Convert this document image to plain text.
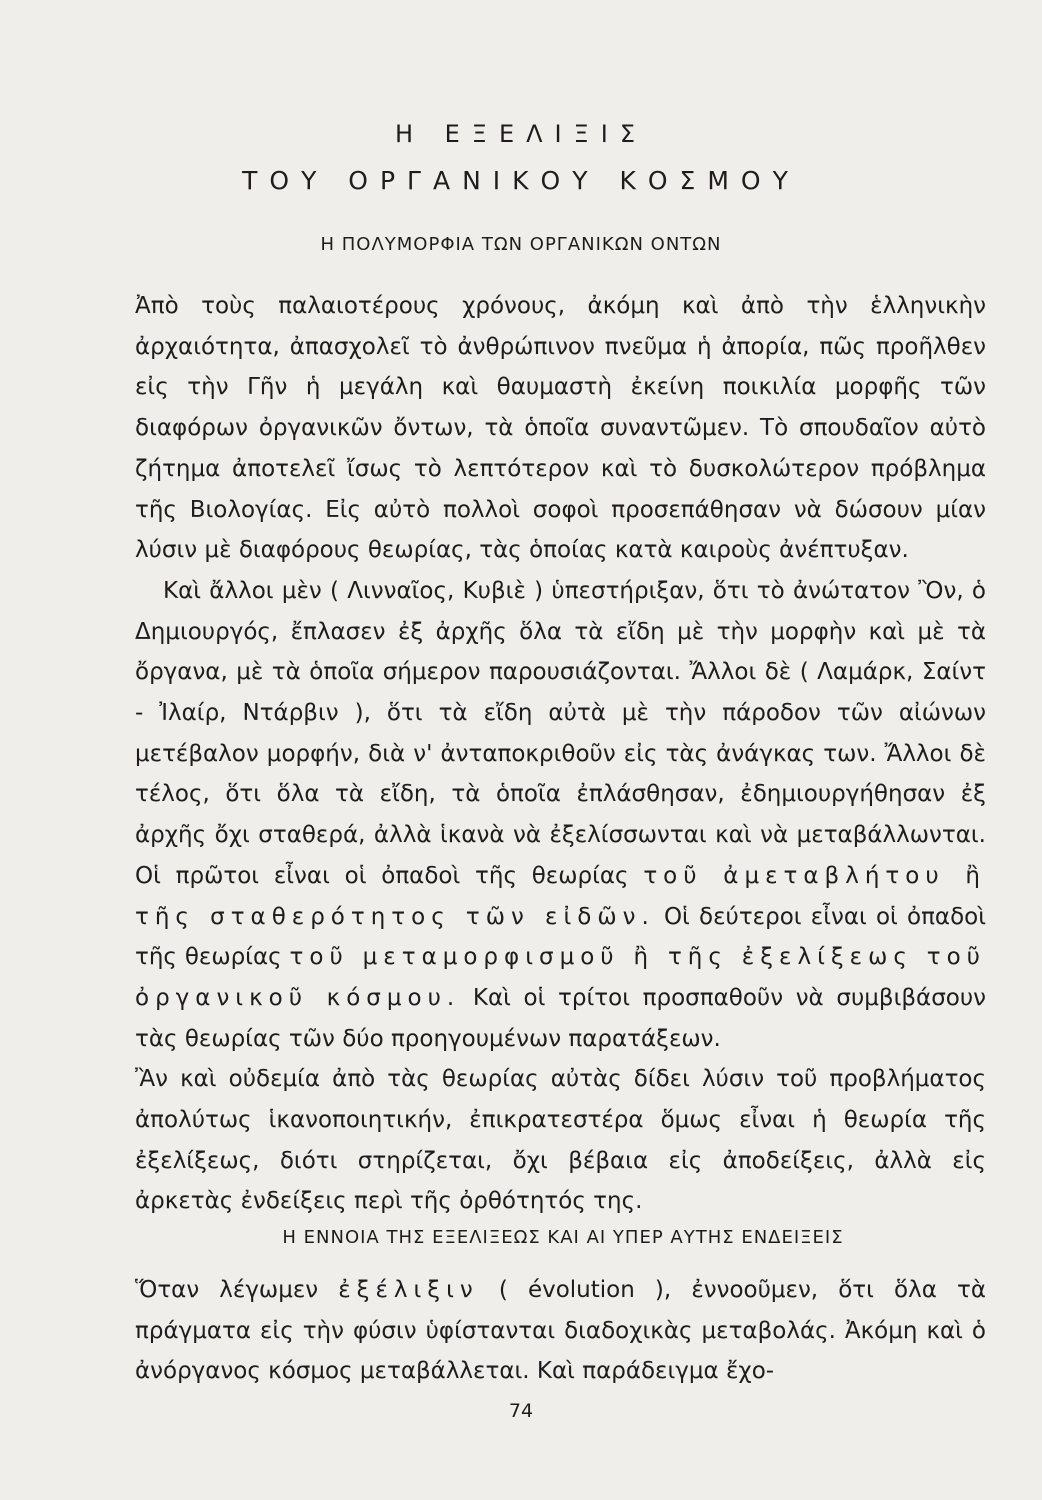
Η ΕΞΕΛΙΞΙΣ
ΤΟΥ ΟΡΓΑΝΙΚΟΥ ΚΟΣΜΟΥ
Η ΠΟΛΥΜΟΡΦΙΑ ΤΩΝ ΟΡΓΑΝΙΚΩΝ ΟΝΤΩΝ

Ἀπὸ τοὺς παλαιοτέρους χρόνους, ἀκόμη καὶ ἀπὸ τὴν ἑλληνικὴν ἀρχαιότητα, ἀπασχολεῖ τὸ ἀνθρώπινον πνεῦμα ἡ ἀπορία, πῶς προῆλθεν εἰς τὴν Γῆν ἡ μεγάλη καὶ θαυμαστὴ ἐκείνη ποικιλία μορφῆς τῶν διαφόρων ὀργανικῶν ὄντων, τὰ ὁποῖα συναντῶμεν. Τὸ σπουδαῖον αὐτὸ ζήτημα ἀποτελεῖ ἴσως τὸ λεπτότερον καὶ τὸ δυσκολώτερον πρόβλημα τῆς Βιολογίας. Εἰς αὐτὸ πολλοὶ σοφοὶ προσεπάθησαν νὰ δώσουν μίαν λύσιν μὲ διαφόρους θεωρίας, τὰς ὁποίας κατὰ καιροὺς ἀνέπτυξαν.

Καὶ ἄλλοι μὲν ( Λινναῖος, Κυβιὲ ) ὑπεστήριξαν, ὅτι τὸ ἀνώτατον Ὂν, ὁ Δημιουργός, ἔπλασεν ἐξ ἀρχῆς ὅλα τὰ εἴδη μὲ τὴν μορφὴν καὶ μὲ τὰ ὄργανα, μὲ τὰ ὁποῖα σήμερον παρουσιάζονται. Ἄλλοι δὲ ( Λαμάρκ, Σαίντ - Ἰλαίρ, Ντάρβιν ), ὅτι τὰ εἴδη αὐτὰ μὲ τὴν πάροδον τῶν αἰώνων μετέβαλον μορφήν, διὰ ν' ἀνταποκριθοῦν εἰς τὰς ἀνάγκας των. Ἄλλοι δὲ τέλος, ὅτι ὅλα τὰ εἴδη, τὰ ὁποῖα ἐπλάσθησαν, ἐδημιουργήθησαν ἐξ ἀρχῆς ὄχι σταθερά, ἀλλὰ ἱκανὰ νὰ ἐξελίσσωνται καὶ νὰ μεταβάλλωνται. Οἱ πρῶτοι εἶναι οἱ ὀπαδοὶ τῆς θεωρίας τοῦ ἀμεταβλήτου ἢ τῆς σταθερότητος τῶν εἰδῶν. Οἱ δεύτεροι εἶναι οἱ ὀπαδοὶ τῆς θεωρίας τοῦ μεταμορφισμοῦ ἢ τῆς ἐξελίξεως τοῦ ὀργανικοῦ κόσμου. Καὶ οἱ τρίτοι προσπαθοῦν νὰ συμβιβάσουν τὰς θεωρίας τῶν δύο προηγουμένων παρατάξεων.

Ἂν καὶ οὐδεμία ἀπὸ τὰς θεωρίας αὐτὰς δίδει λύσιν τοῦ προβλήματος ἀπολύτως ἱκανοποιητικήν, ἐπικρατεστέρα ὅμως εἶναι ἡ θεωρία τῆς ἐξελίξεως, διότι στηρίζεται, ὄχι βέβαια εἰς ἀποδείξεις, ἀλλὰ εἰς ἀρκετὰς ἐνδείξεις περὶ τῆς ὀρθότητός της.

Η ΕΝΝΟΙΑ ΤΗΣ ΕΞΕΛΙΞΕΩΣ ΚΑΙ ΑΙ ΥΠΕΡ ΑΥΤΗΣ ΕΝΔΕΙΞΕΙΣ

Ὅταν λέγωμεν ἐξέλιξιν ( évolution ), ἐννοοῦμεν, ὅτι ὅλα τὰ πράγματα εἰς τὴν φύσιν ὑφίστανται διαδοχικὰς μεταβολάς. Ἀκόμη καὶ ὁ ἀνόργανος κόσμος μεταβάλλεται. Καὶ παράδειγμα ἔχο-

74
